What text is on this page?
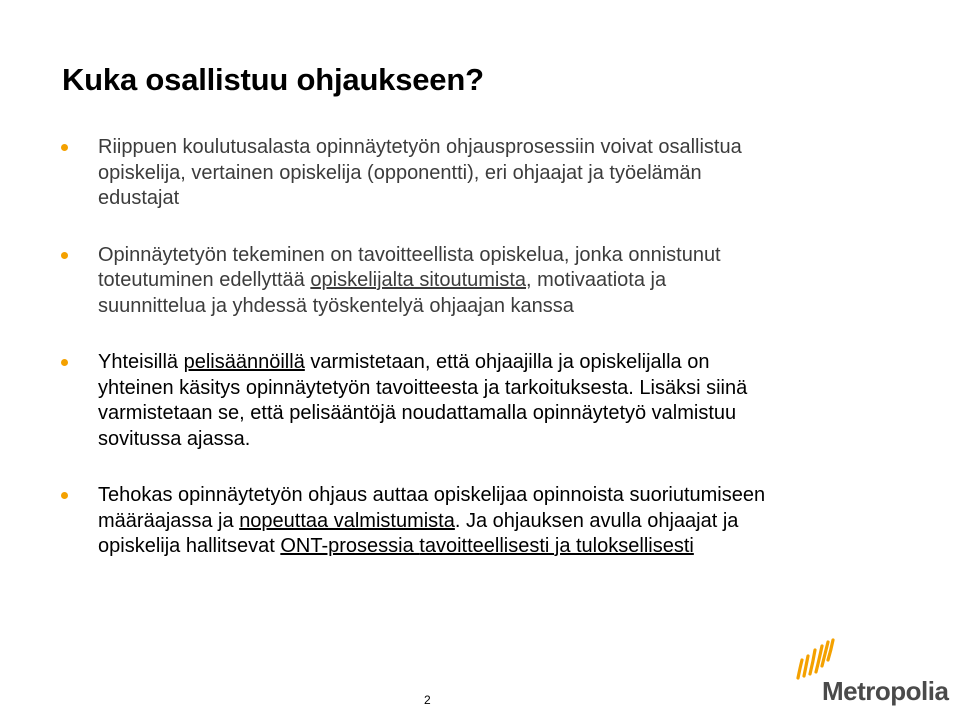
Kuka osallistuu ohjaukseen?
Riippuen koulutusalasta opinnäytetyön ohjausprosessiin voivat osallistua
opiskelija, vertainen opiskelija (opponentti), eri ohjaajat ja työelämän
edustajat
Opinnäytetyön tekeminen on tavoitteellista opiskelua, jonka onnistunut
toteutuminen edellyttää opiskelijalta sitoutumista, motivaatiota ja
suunnittelua ja yhdessä työskentelyä ohjaajan kanssa
Yhteisillä pelisäännöillä varmistetaan, että ohjaajilla ja opiskelijalla on
yhteinen käsitys opinnäytetyön tavoitteesta ja tarkoituksesta. Lisäksi siinä
varmistetaan se, että pelisääntöjä noudattamalla opinnäytetyö valmistuu
sovitussa ajassa.
Tehokas opinnäytetyön ohjaus auttaa opiskelijaa opinnoista suoriutumiseen
määräajassa ja nopeuttaa valmistumista. Ja ohjauksen avulla ohjaajat ja
opiskelija hallitsevat ONT-prosessia tavoitteellisesti ja tuloksellisesti
2	Metropolia
